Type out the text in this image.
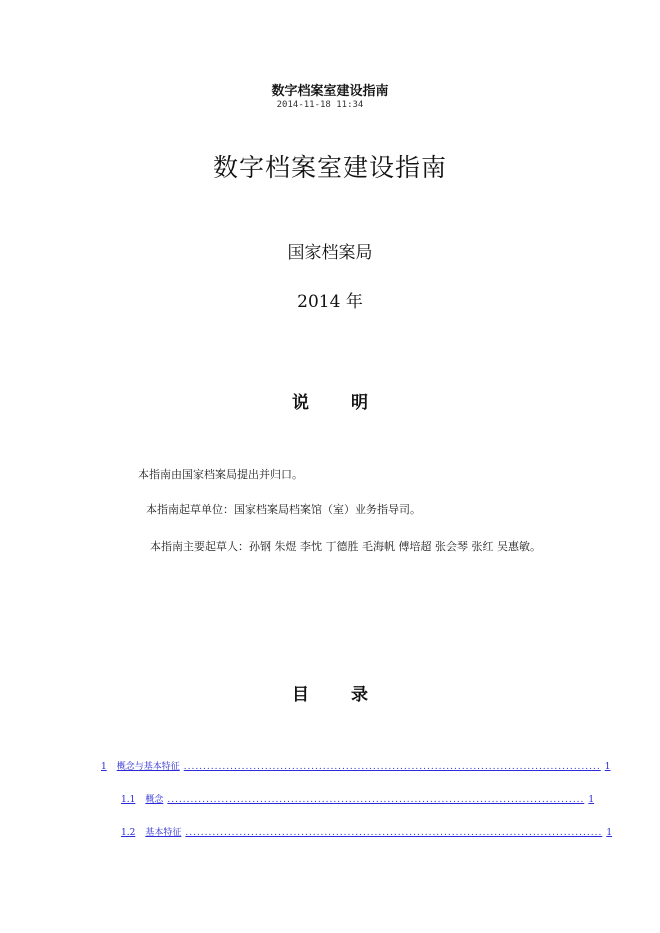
数字档案室建设指南
2014-11-18 11:34
数字档案室建设指南
国家档案局
2014 年
说 明
本指南由国家档案局提出并归口。
本指南起草单位：国家档案局档案馆（室）业务指导司。
本指南主要起草人：孙钢 朱煜 李忱 丁德胜 毛海帆 傅培超 张会琴 张红 吴惠敏。
目 录
1 概念与基本特征 ............................................................................................................ 1
1.1 概念 ............................................................................................................ 1
1.2 基本特征 ............................................................................................................ 1
